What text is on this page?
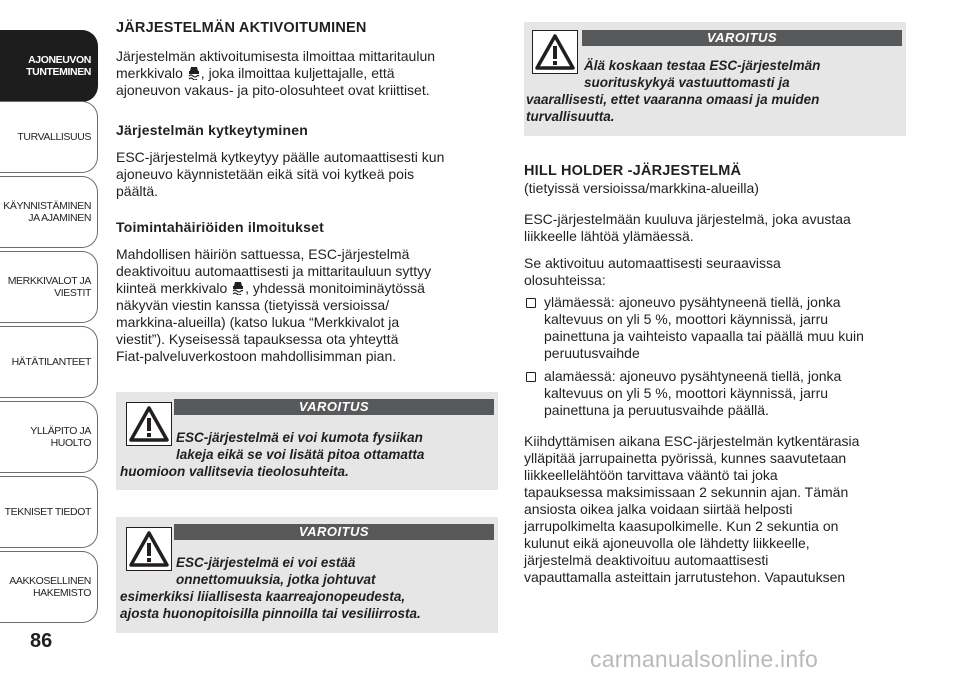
AJONEUVON
TUNTEMINEN
TURVALLISUUS
KÄYNNISTÄMINEN
JA AJAMINEN
MERKKIVALOT JA
VIESTIT
HÄTÄTILANTEET
YLLÄPITO JA HUOLTO
TEKNISET TIEDOT
AAKKOSELLINEN
HAKEMISTO
86
JÄRJESTELMÄN AKTIVOITUMINEN

Järjestelmän aktivoitumisesta ilmoittaa mittaritaulun

merkkivalo , joka ilmoittaa kuljettajalle, että

ajoneuvon vakaus- ja pito-olosuhteet ovat kriittiset.

Järjestelmän kytkeytyminen

ESC-järjestelmä kytkeytyy päälle automaattisesti kun

ajoneuvo käynnistetään eikä sitä voi kytkeä pois

päältä.

Toimintahäiriöiden ilmoitukset

Mahdollisen häiriön sattuessa, ESC-järjestelmä

deaktivoituu automaattisesti ja mittaritauluun syttyy

kiinteä merkkivalo , yhdessä monitoiminäytössä

näkyvän viestin kanssa (tietyissä versioissa/

markkina-alueilla) (katso lukua “Merkkivalot ja

viestit”). Kyseisessä tapauksessa ota yhteyttä

Fiat-palveluverkostoon mahdollisimman pian.

VAROITUS
ESC-järjestelmä ei voi kumota fysiikan
lakeja eikä se voi lisätä pitoa ottamatta
huomioon vallitsevia tieolosuhteita.
VAROITUS
ESC-järjestelmä ei voi estää
onnettomuuksia, jotka johtuvat
esimerkiksi liiallisesta kaarreajonopeudesta,
ajosta huonopitoisilla pinnoilla tai vesiliirrosta.
VAROITUS
Älä koskaan testaa ESC-järjestelmän
suorituskykyä vastuuttomasti ja
vaarallisesti, ettet vaaranna omaasi ja muiden
turvallisuutta.
HILL HOLDER -JÄRJESTELMÄ

(tietyissä versioissa/markkina-alueilla)

ESC-järjestelmään kuuluva järjestelmä, joka avustaa

liikkeelle lähtöä ylämäessä.

Se aktivoituu automaattisesti seuraavissa

olosuhteissa:

ylämäessä: ajoneuvo pysähtyneenä tiellä, jonka
kaltevuus on yli 5 %, moottori käynnissä, jarru
painettuna ja vaihteisto vapaalla tai päällä muu kuin
peruutusvaihde
alamäessä: ajoneuvo pysähtyneenä tiellä, jonka
kaltevuus on yli 5 %, moottori käynnissä, jarru
painettuna ja peruutusvaihde päällä.

Kiihdyttämisen aikana ESC-järjestelmän kytkentärasia

ylläpitää jarrupainetta pyörissä, kunnes saavutetaan

liikkeellelähtöön tarvittava vääntö tai joka

tapauksessa maksimissaan 2 sekunnin ajan. Tämän

ansiosta oikea jalka voidaan siirtää helposti

jarrupolkimelta kaasupolkimelle. Kun 2 sekuntia on

kulunut eikä ajoneuvolla ole lähdetty liikkeelle,

järjestelmä deaktivoituu automaattisesti

vapauttamalla asteittain jarrutustehon. Vapautuksen

carmanualsonline.info
